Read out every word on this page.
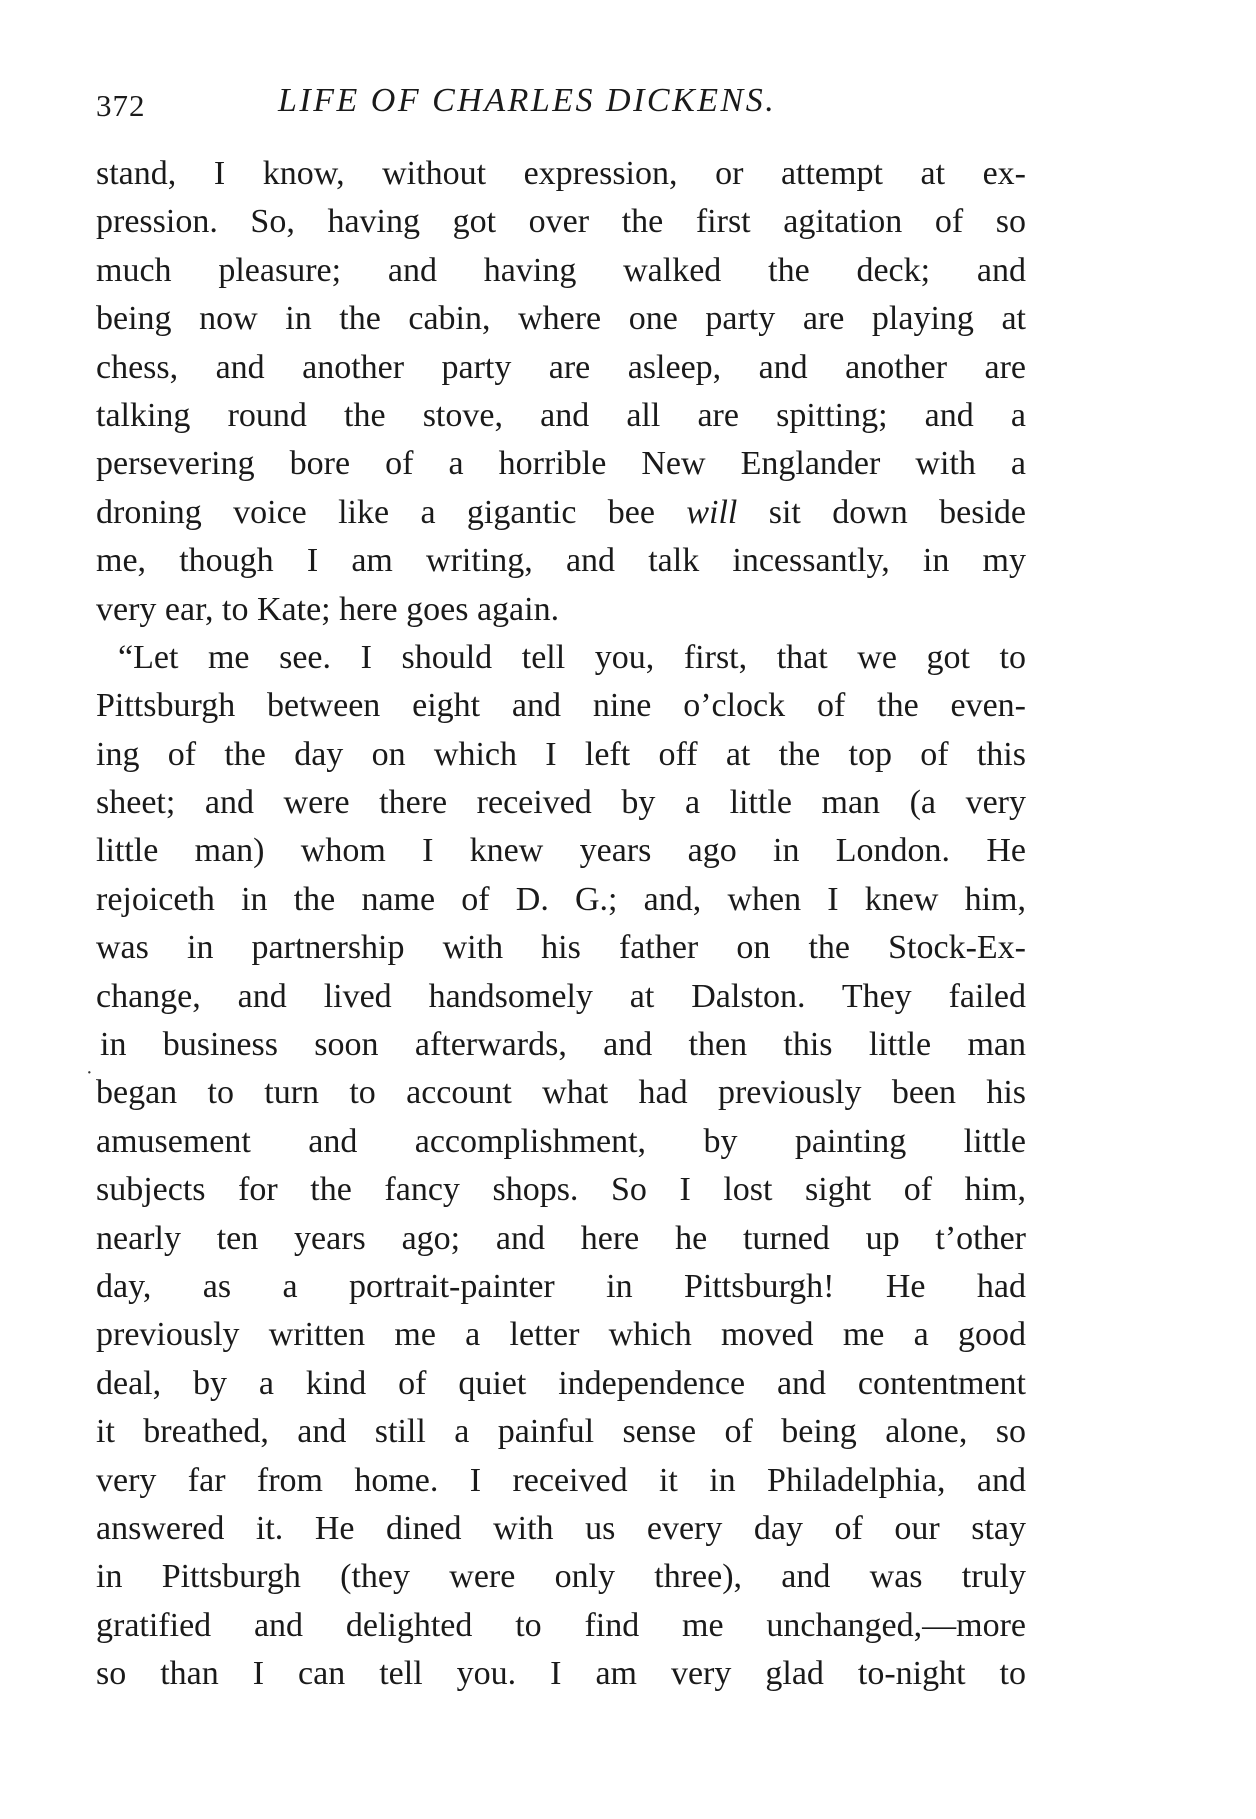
372	LIFE OF CHARLES DICKENS.
stand, I know, without expression, or attempt at ex-
pression. So, having got over the first agitation of so
much pleasure; and having walked the deck; and
being now in the cabin, where one party are playing at
chess, and another party are asleep, and another are
talking round the stove, and all are spitting; and a
persevering bore of a horrible New Englander with a
droning voice like a gigantic bee will sit down beside
me, though I am writing, and talk incessantly, in my
very ear, to Kate; here goes again.
“Let me see. I should tell you, first, that we got to
Pittsburgh between eight and nine o’clock of the even-
ing of the day on which I left off at the top of this
sheet; and were there received by a little man (a very
little man) whom I knew years ago in London. He
rejoiceth in the name of D. G.; and, when I knew him,
was in partnership with his father on the Stock-Ex-
change, and lived handsomely at Dalston. They failed
in business soon afterwards, and then this little man
began to turn to account what had previously been his
amusement and accomplishment, by painting little
subjects for the fancy shops. So I lost sight of him,
nearly ten years ago; and here he turned up t’other
day, as a portrait-painter in Pittsburgh! He had
previously written me a letter which moved me a good
deal, by a kind of quiet independence and contentment
it breathed, and still a painful sense of being alone, so
very far from home. I received it in Philadelphia, and
answered it. He dined with us every day of our stay
in Pittsburgh (they were only three), and was truly
gratified and delighted to find me unchanged,—more
so than I can tell you. I am very glad to-night to
·
